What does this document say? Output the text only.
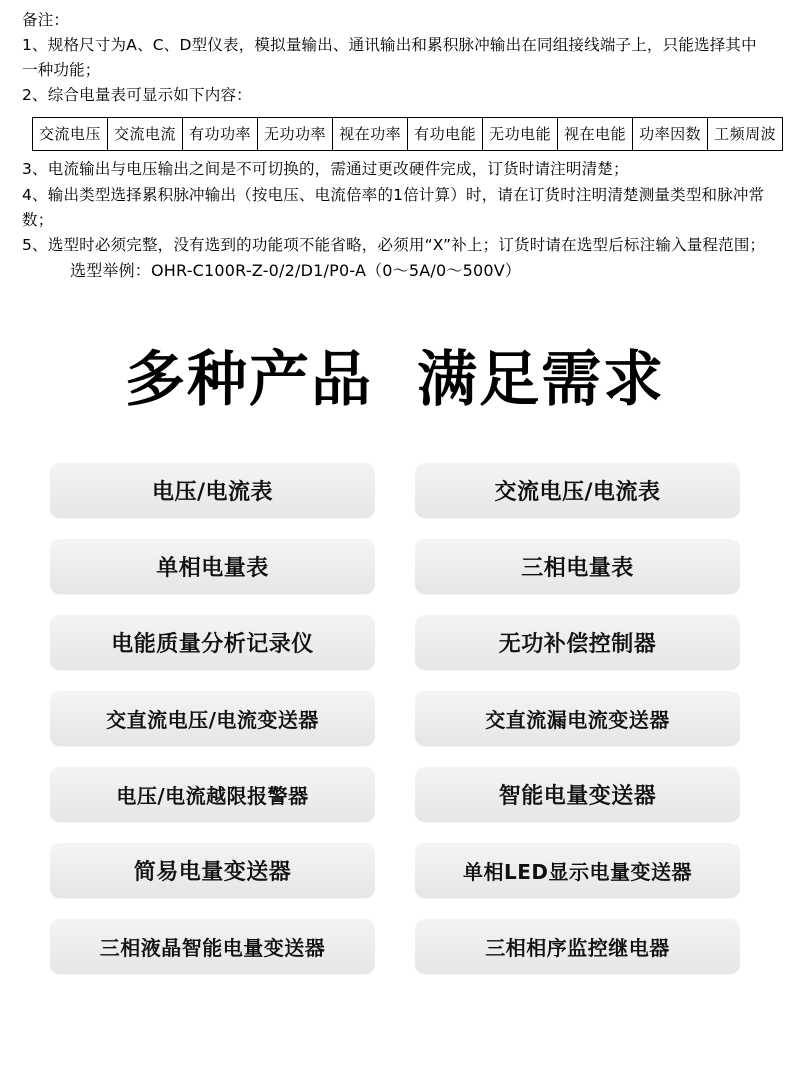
备注：
1、规格尺寸为A、C、D型仪表，模拟量输出、通讯输出和累积脉冲输出在同组接线端子上，只能选择其中一种功能；
2、综合电量表可显示如下内容：
交流电压	交流电流	有功功率	无功功率	视在功率	有功电能	无功电能	视在电能	功率因数	工频周波
3、电流输出与电压输出之间是不可切换的，需通过更改硬件完成，订货时请注明清楚；
4、输出类型选择累积脉冲输出（按电压、电流倍率的1倍计算）时，请在订货时注明清楚测量类型和脉冲常数；
5、选型时必须完整，没有选到的功能项不能省略，必须用“X”补上；订货时请在选型后标注输入量程范围；
选型举例：OHR-C100R-Z-0/2/D1/P0-A（0～5A/0～500V）
多种产品 满足需求
电压/电流表	交流电压/电流表
单相电量表	三相电量表
电能质量分析记录仪	无功补偿控制器
交直流电压/电流变送器	交直流漏电流变送器
电压/电流越限报警器	智能电量变送器
简易电量变送器	单相LED显示电量变送器
三相液晶智能电量变送器	三相相序监控继电器
